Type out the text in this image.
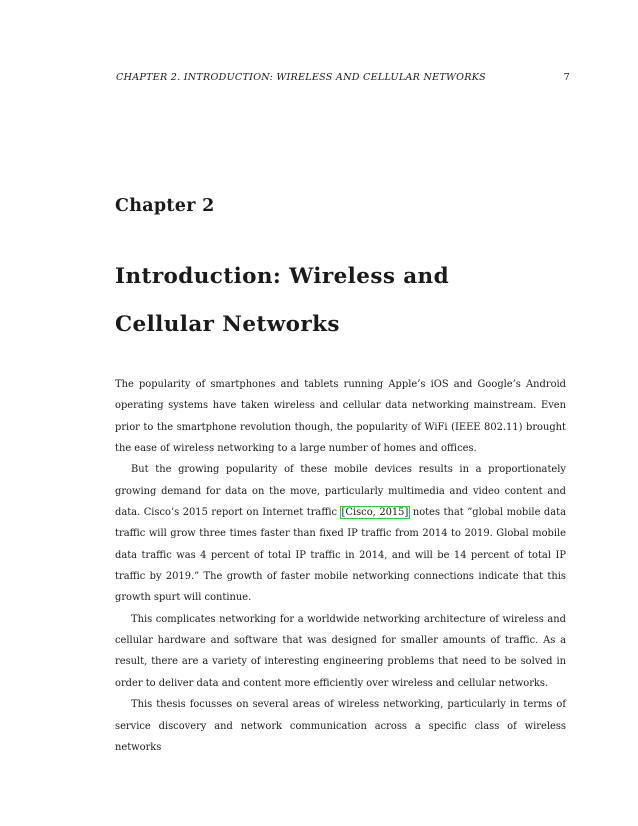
CHAPTER 2. INTRODUCTION: WIRELESS AND CELLULAR NETWORKS	7
Chapter 2
Introduction: Wireless and
Cellular Networks

The popularity of smartphones and tablets running Apple’s iOS and Google’s Android operating systems have taken wireless and cellular data networking mainstream. Even prior to the smartphone revolution though, the popularity of WiFi (IEEE 802.11) brought the ease of wireless networking to a large number of homes and offices.

But the growing popularity of these mobile devices results in a proportionately growing demand for data on the move, particularly multimedia and video content and data. Cisco’s 2015 report on Internet traffic [Cisco, 2015] notes that ”global mobile data traffic will grow three times faster than fixed IP traffic from 2014 to 2019. Global mobile data traffic was 4 percent of total IP traffic in 2014, and will be 14 percent of total IP traffic by 2019.” The growth of faster mobile networking connections indicate that this growth spurt will continue.

This complicates networking for a worldwide networking architecture of wireless and cellular hardware and software that was designed for smaller amounts of traffic. As a result, there are a variety of interesting engineering problems that need to be solved in order to deliver data and content more efficiently over wireless and cellular networks.

This thesis focusses on several areas of wireless networking, particularly in terms of service discovery and network communication across a specific class of wireless networks
